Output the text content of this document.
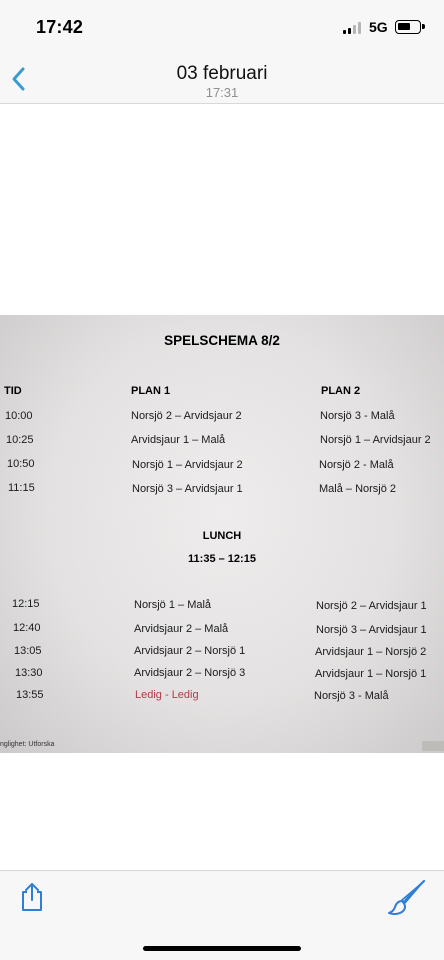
17:42	5G
03 februari
17:31
SPELSCHEMA 8/2
TID	PLAN 1	PLAN 2
10:00	Norsjö 2 – Arvidsjaur 2	Norsjö 3 - Malå
10:25	Arvidsjaur 1 – Malå	Norsjö 1 – Arvidsjaur 2
10:50	Norsjö 1 – Arvidsjaur 2	Norsjö 2 - Malå
11:15	Norsjö 3 – Arvidsjaur 1	Malå – Norsjö 2
LUNCH
11:35 – 12:15
12:15	Norsjö 1 – Malå	Norsjö 2 – Arvidsjaur 1
12:40	Arvidsjaur 2 – Malå	Norsjö 3 – Arvidsjaur 1
13:05	Arvidsjaur 2 – Norsjö 1	Arvidsjaur 1 – Norsjö 2
13:30	Arvidsjaur 2 – Norsjö 3	Arvidsjaur 1 – Norsjö 1
13:55	Ledig - Ledig	Norsjö 3 - Malå
nglighet: Utforska
